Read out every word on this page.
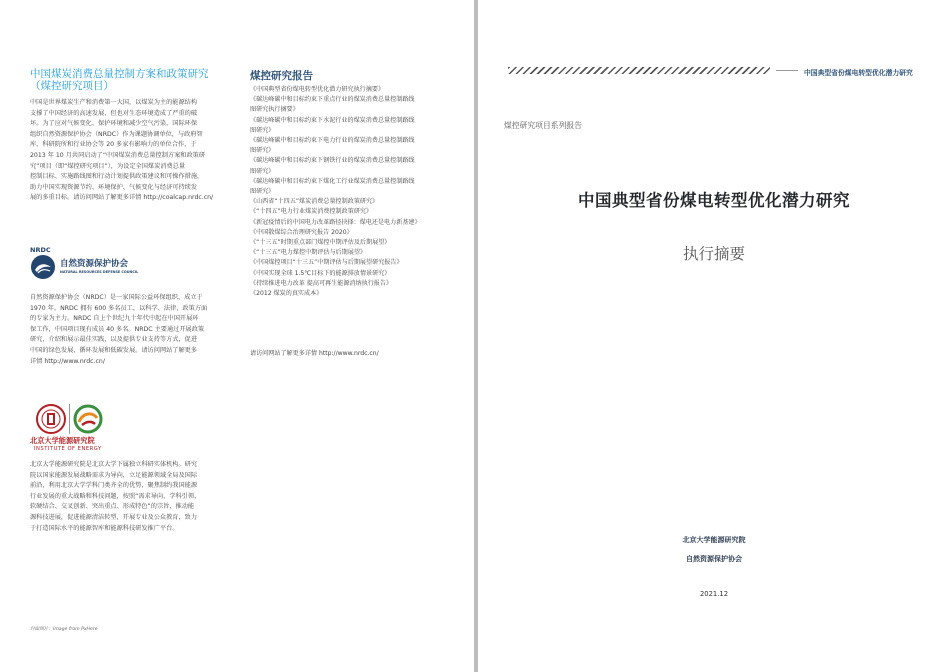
中国煤炭消费总量控制方案和政策研究
（煤控研究项目）
中国是世界煤炭生产和消费第一大国，以煤炭为主的能源结构
支撑了中国经济的高速发展，但也对生态环境造成了严重的破
坏。为了应对气候变化、保护环境和减少空气污染，国际环保
组织自然资源保护协会（NRDC）作为课题协调单位，与政府智
库、科研院所和行业协会等 20 多家有影响力的单位合作，于
2013 年 10 月共同启动了“中国煤炭消费总量控制方案和政策研
究”项目（即“煤控研究项目”），为设定全国煤炭消费总量
控制目标、实施路线图和行动计划提供政策建议和可操作措施，
助力中国实现资源节约、环境保护、气候变化与经济可持续发
展的多重目标。请访问网站了解更多详情 http://coalcap.nrdc.cn/
NRDC
自然资源保护协会
NATURAL RESOURCES DEFENSE COUNCIL
自然资源保护协会（NRDC）是一家国际公益环保组织，成立于
1970 年。NRDC 拥有 600 多名员工，以科学、法律、政策方面
的专家为主力。NRDC 自上个世纪九十年代中起在中国开展环
保工作，中国项目现有成员 40 多名。NRDC 主要通过开展政策
研究，介绍和展示最佳实践，以及提供专业支持等方式，促进
中国的绿色发展、循环发展和低碳发展。请访问网站了解更多
详情 http://www.nrdc.cn/
北京大学能源研究院
INSTITUTE OF ENERGY
北京大学能源研究院是北京大学下属独立科研实体机构。研究
院以国家能源发展战略需求为导向，立足能源领域全局及国际
前沿，利用北京大学学科门类齐全的优势，聚焦制约我国能源
行业发展的重大战略和科技问题，按照“需求导向、学科引领、
软硬结合、交叉创新、突出重点、形成特色”的宗旨，推动能
源科技进展，促进能源清洁转型，开展专业及公众教育，致力
于打造国际水平的能源智库和能源科技研发推广平台。
封面图片：Image from PxHere
煤控研究报告
《中国典型省份煤电转型优化潜力研究执行摘要》
《碳达峰碳中和目标约束下重点行业的煤炭消费总量控制路线
图研究执行摘要》
《碳达峰碳中和目标约束下水泥行业的煤炭消费总量控制路线
图研究》
《碳达峰碳中和目标约束下电力行业的煤炭消费总量控制路线
图研究》
《碳达峰碳中和目标约束下钢铁行业的煤炭消费总量控制路线
图研究》
《碳达峰碳中和目标约束下煤化工行业煤炭消费总量控制路线
图研究》
《山西省“十四五”煤炭消费总量控制政策研究》
《“十四五”电力行业煤炭消费控制政策研究》
《新冠疫情后的中国电力改革路径抉择：煤电还是电力新基建》
《中国散煤综合治理研究报告 2020》
《“十三五”时期重点部门煤控中期评估及后期展望》
《“十三五”电力煤控中期评估与后期展望》
《中国煤控项目“十三五”中期评估与后期展望研究报告》
《中国实现全球 1.5℃目标下的能源排放情景研究》
《持续推进电力改革 提高可再生能源消纳执行报告》
《2012 煤炭的真实成本》
请访问网站了解更多详情 http://www.nrdc.cn/
中国典型省份煤电转型优化潜力研究
煤控研究项目系列报告
中国典型省份煤电转型优化潜力研究
执行摘要
北京大学能源研究院
自然资源保护协会
2021.12
